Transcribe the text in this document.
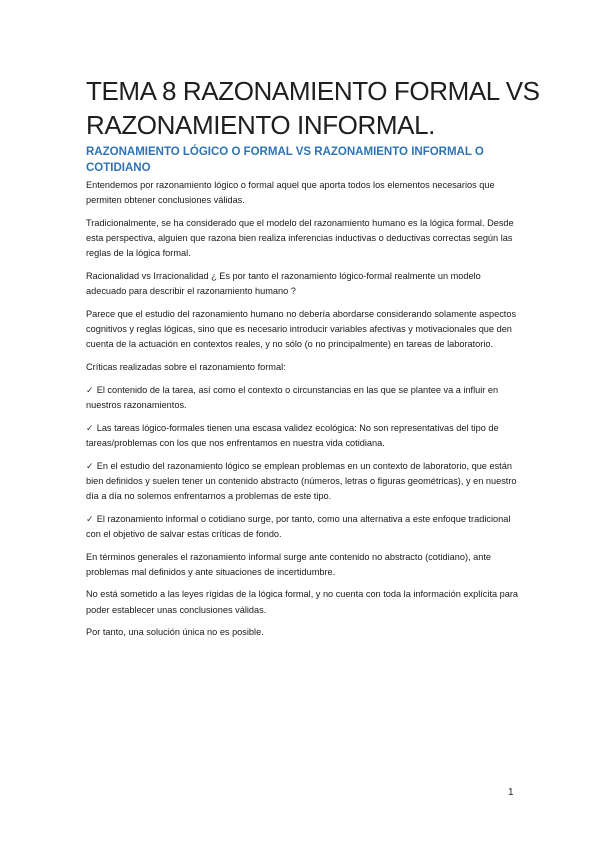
TEMA 8 RAZONAMIENTO FORMAL VS RAZONAMIENTO INFORMAL.
RAZONAMIENTO LÓGICO O FORMAL VS RAZONAMIENTO INFORMAL O COTIDIANO

Entendemos por razonamiento lógico o formal aquel que aporta todos los elementos necesarios que permiten obtener conclusiones válidas.

Tradicionalmente, se ha considerado que el modelo del razonamiento humano es la lógica formal. Desde esta perspectiva, alguien que razona bien realiza inferencias inductivas o deductivas correctas según las reglas de la lógica formal.

Racionalidad vs Irracionalidad ¿ Es por tanto el razonamiento lógico-formal realmente un modelo adecuado para describir el razonamiento humano ?

Parece que el estudio del razonamiento humano no debería abordarse considerando solamente aspectos cognitivos y reglas lógicas, sino que es necesario introducir variables afectivas y motivacionales que den cuenta de la actuación en contextos reales, y no sólo (o no principalmente) en tareas de laboratorio.

Críticas realizadas sobre el razonamiento formal:

✓ El contenido de la tarea, así como el contexto o circunstancias en las que se plantee va a influir en nuestros razonamientos.

✓ Las tareas lógico-formales tienen una escasa validez ecológica: No son representativas del tipo de tareas/problemas con los que nos enfrentamos en nuestra vida cotidiana.

✓ En el estudio del razonamiento lógico se emplean problemas en un contexto de laboratorio, que están bien definidos y suelen tener un contenido abstracto (números, letras o figuras geométricas), y en nuestro día a día no solemos enfrentarnos a problemas de este tipo.

✓ El razonamiento informal o cotidiano surge, por tanto, como una alternativa a este enfoque tradicional con el objetivo de salvar estas críticas de fondo.

En términos generales el razonamiento informal surge ante contenido no abstracto (cotidiano), ante problemas mal definidos y ante situaciones de incertidumbre.

No está sometido a las leyes rígidas de la lógica formal, y no cuenta con toda la información explícita para poder establecer unas conclusiones válidas.

Por tanto, una solución única no es posible.

1
